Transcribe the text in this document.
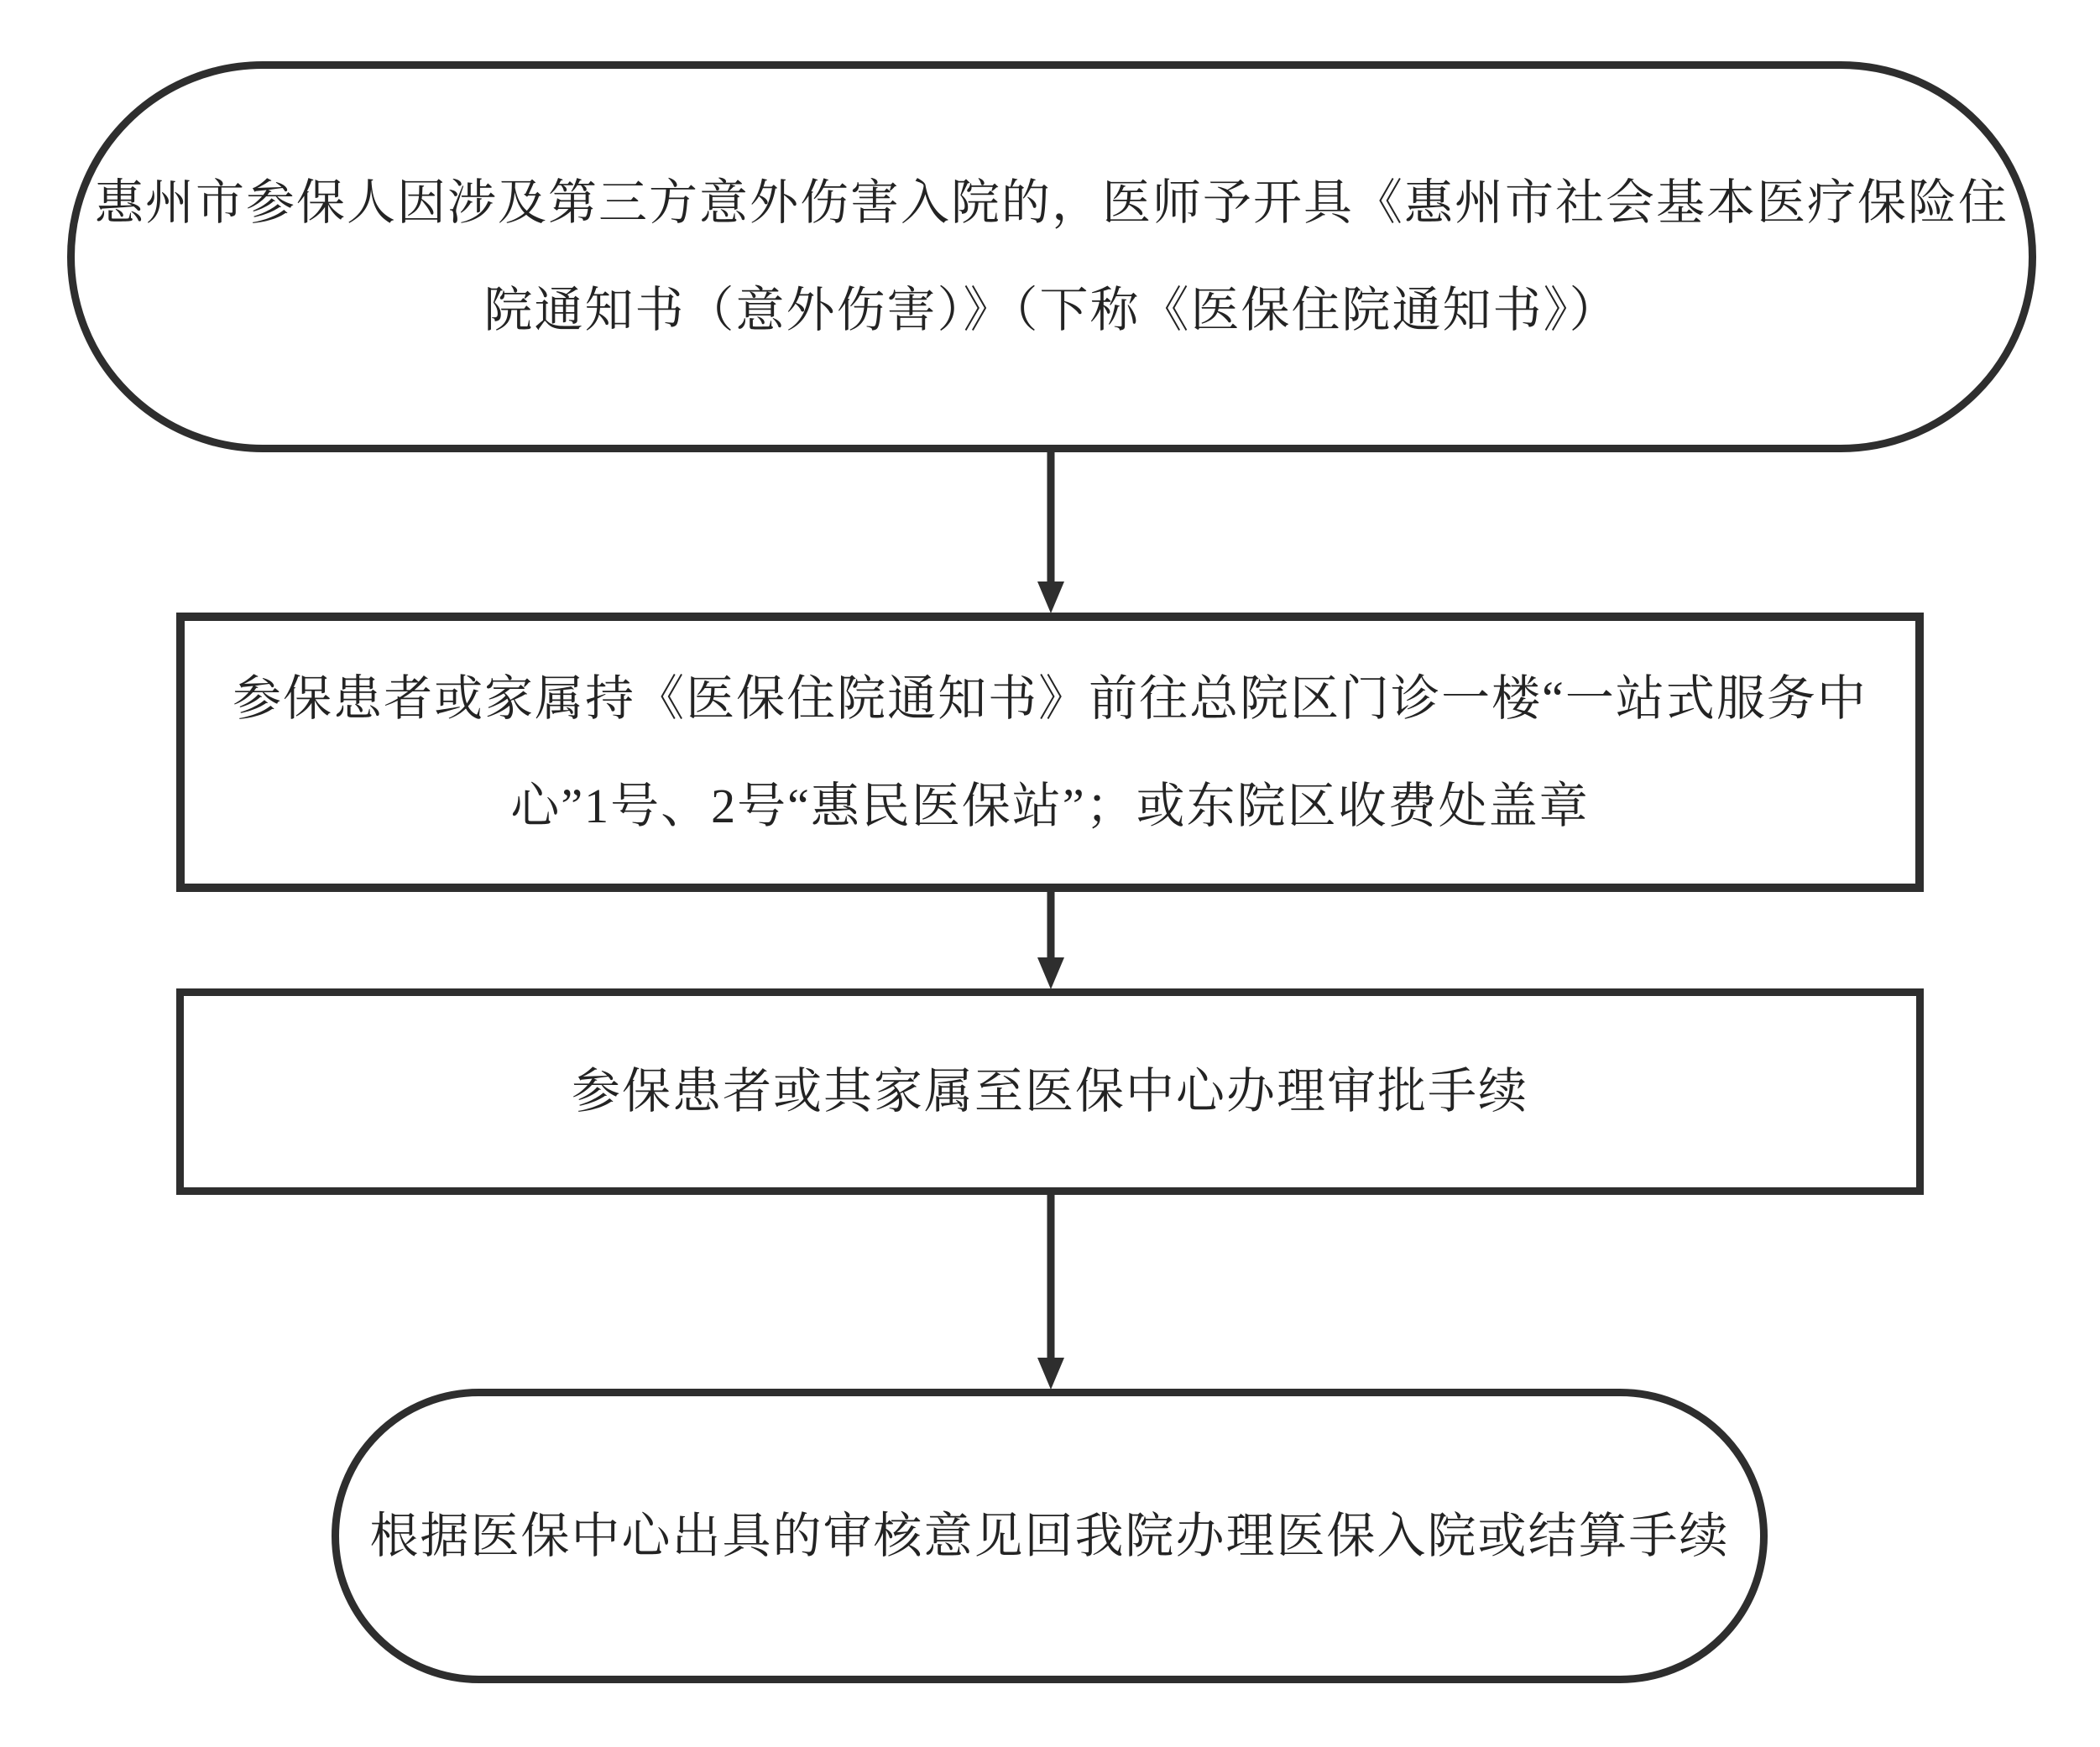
惠州市参保人因涉及第三方意外伤害入院的，医师予开具《惠州市社会基本医疗保险住
院通知书（意外伤害）》（下称《医保住院通知书》）
参保患者或家属持《医保住院通知书》前往总院区门诊一楼“一站式服务中
心”1号、2号“惠民医保站”；或东院区收费处盖章
参保患者或其家属至医保中心办理审批手续
根据医保中心出具的审核意见回我院办理医保入院或结算手续
